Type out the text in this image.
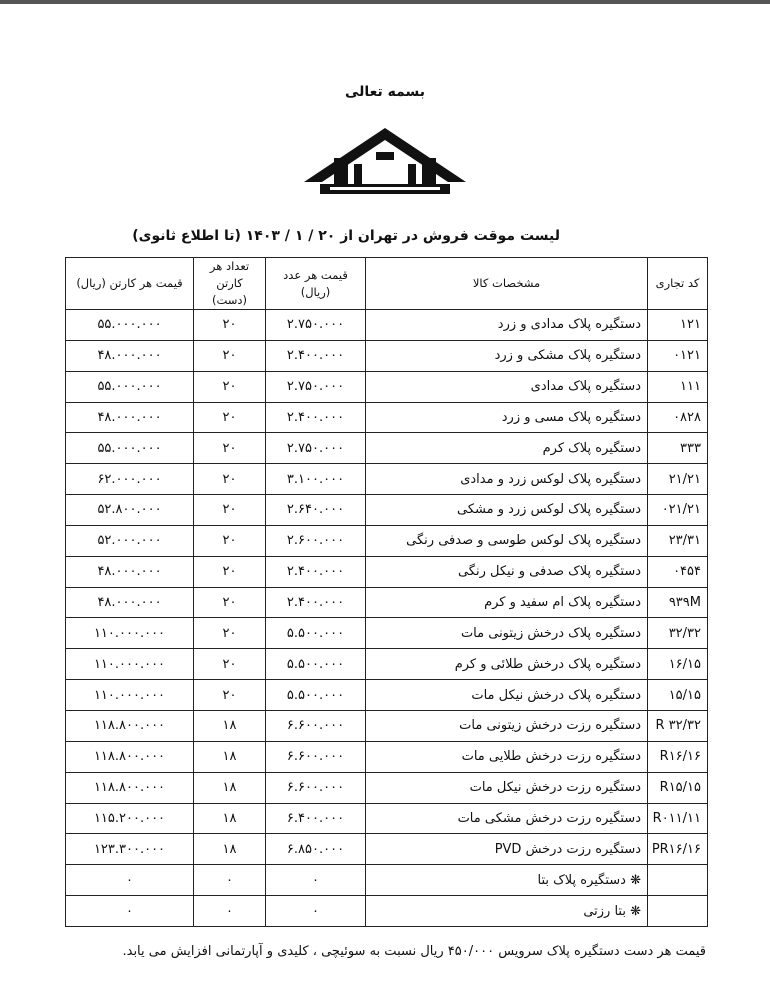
بسمه تعالی
لیست موقت فروش در تهران از ۲۰ / ۱ / ۱۴۰۳ (تا اطلاع ثانوی)
کد تجاری	مشخصات کالا	قیمت هر عدد (ریال)	تعداد هر کارتن (دست)	قیمت هر کارتن (ریال)
۱۲۱	دستگیره پلاک مدادی و زرد	۲.۷۵۰.۰۰۰	۲۰	۵۵.۰۰۰.۰۰۰
۰۱۲۱	دستگیره پلاک مشکی و زرد	۲.۴۰۰.۰۰۰	۲۰	۴۸.۰۰۰.۰۰۰
۱۱۱	دستگیره پلاک مدادی	۲.۷۵۰.۰۰۰	۲۰	۵۵.۰۰۰.۰۰۰
۰۸۲۸	دستگیره پلاک مسی و زرد	۲.۴۰۰.۰۰۰	۲۰	۴۸.۰۰۰.۰۰۰
۳۳۳	دستگیره پلاک کرم	۲.۷۵۰.۰۰۰	۲۰	۵۵.۰۰۰.۰۰۰
۲۱/۲۱	دستگیره پلاک لوکس زرد و مدادی	۳.۱۰۰.۰۰۰	۲۰	۶۲.۰۰۰.۰۰۰
۰۲۱/۲۱	دستگیره پلاک لوکس زرد و مشکی	۲.۶۴۰.۰۰۰	۲۰	۵۲.۸۰۰.۰۰۰
۲۳/۳۱	دستگیره پلاک لوکس طوسی و صدفی رنگی	۲.۶۰۰.۰۰۰	۲۰	۵۲.۰۰۰.۰۰۰
۰۴۵۴	دستگیره پلاک صدفی و نیکل رنگی	۲.۴۰۰.۰۰۰	۲۰	۴۸.۰۰۰.۰۰۰
۹۳۹M	دستگیره پلاک ام سفید و کرم	۲.۴۰۰.۰۰۰	۲۰	۴۸.۰۰۰.۰۰۰
۳۲/۳۲	دستگیره پلاک درخش زیتونی مات	۵.۵۰۰.۰۰۰	۲۰	۱۱۰.۰۰۰.۰۰۰
۱۶/۱۵	دستگیره پلاک درخش طلائی و کرم	۵.۵۰۰.۰۰۰	۲۰	۱۱۰.۰۰۰.۰۰۰
۱۵/۱۵	دستگیره پلاک درخش نیکل مات	۵.۵۰۰.۰۰۰	۲۰	۱۱۰.۰۰۰.۰۰۰
R ۳۲/۳۲	دستگیره رزت درخش زیتونی مات	۶.۶۰۰.۰۰۰	۱۸	۱۱۸.۸۰۰.۰۰۰
R۱۶/۱۶	دستگیره رزت درخش طلایی مات	۶.۶۰۰.۰۰۰	۱۸	۱۱۸.۸۰۰.۰۰۰
R۱۵/۱۵	دستگیره رزت درخش نیکل مات	۶.۶۰۰.۰۰۰	۱۸	۱۱۸.۸۰۰.۰۰۰
R۰۱۱/۱۱	دستگیره رزت درخش مشکی مات	۶.۴۰۰.۰۰۰	۱۸	۱۱۵.۲۰۰.۰۰۰
PR۱۶/۱۶	دستگیره رزت درخش PVD	۶.۸۵۰.۰۰۰	۱۸	۱۲۳.۳۰۰.۰۰۰
	❋ دستگیره پلاک بتا	۰	۰	۰
	❋ بتا رزتی	۰	۰	۰
قیمت هر دست دستگیره پلاک سرویس ۴۵۰/۰۰۰ ریال نسبت به سوئیچی ، کلیدی و آپارتمانی افزایش می یابد.
